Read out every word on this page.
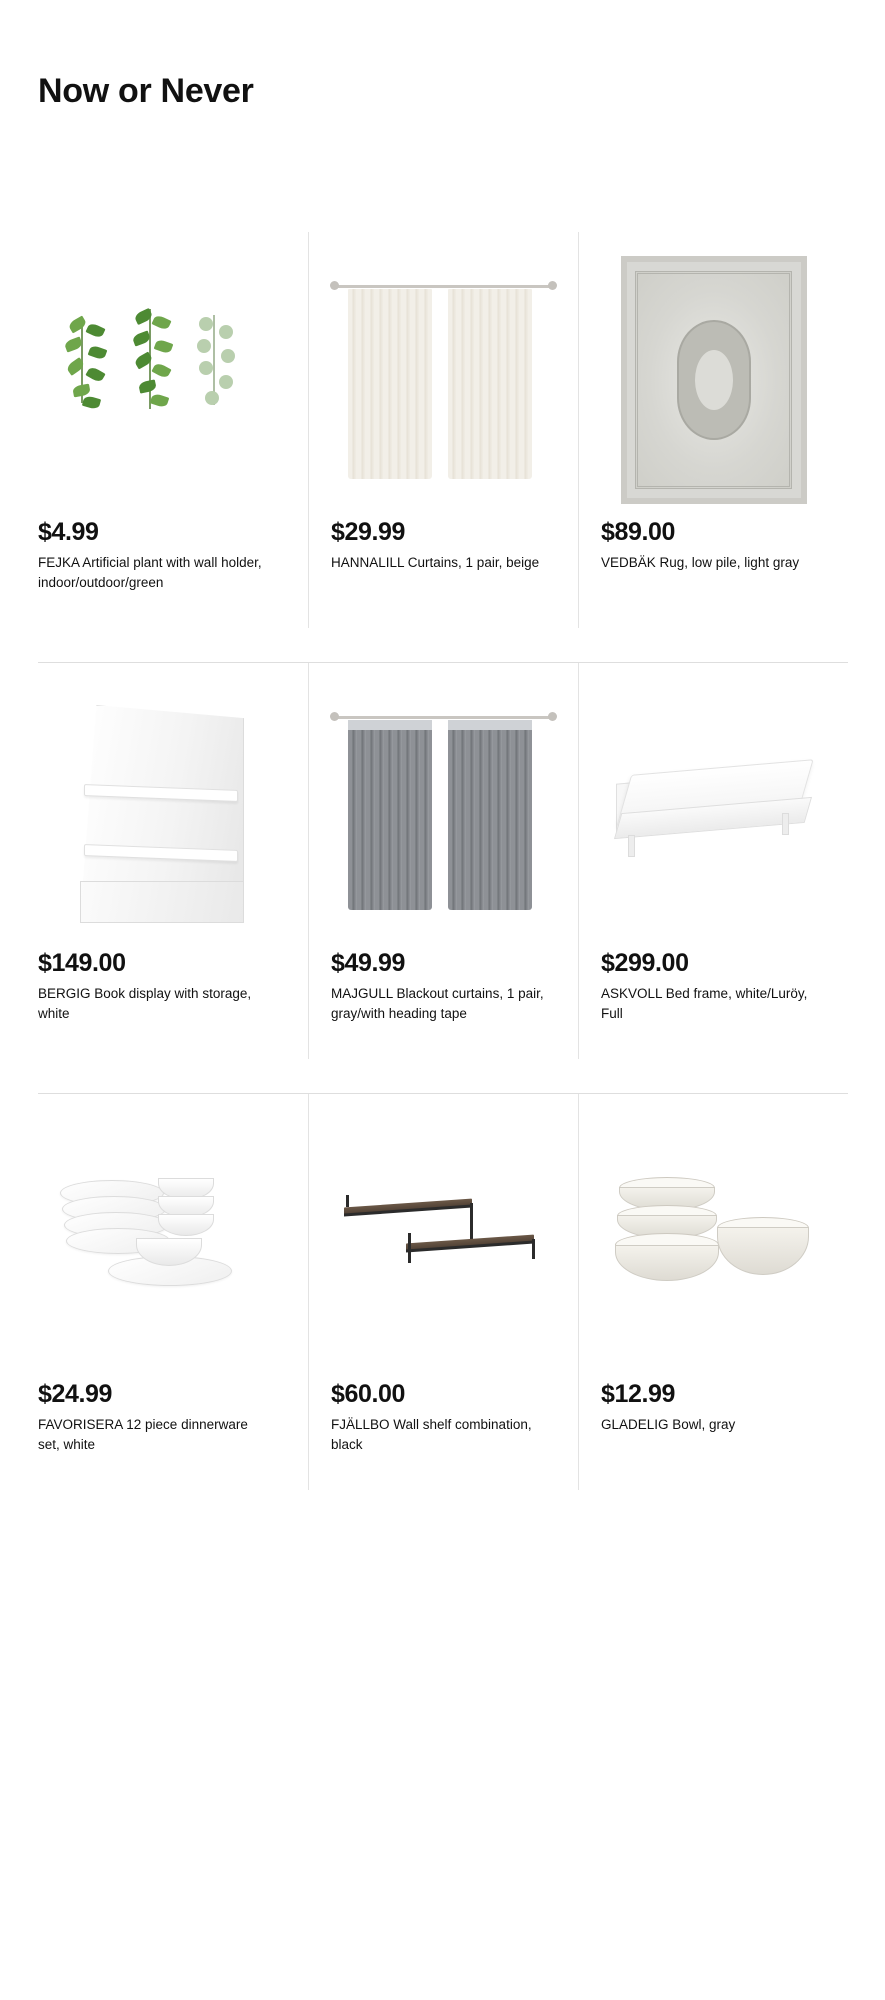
Now or Never
$4.99
FEJKA Artificial plant with wall holder, indoor/outdoor/green
$29.99
HANNALILL Curtains, 1 pair, beige
$89.00
VEDBÄK Rug, low pile, light gray
$149.00
BERGIG Book display with storage, white
$49.99
MAJGULL Blackout curtains, 1 pair, gray/with heading tape
$299.00
ASKVOLL Bed frame, white/Luröy, Full
$24.99
FAVORISERA 12 piece dinnerware set, white
$60.00
FJÄLLBO Wall shelf combination, black
$12.99
GLADELIG Bowl, gray
